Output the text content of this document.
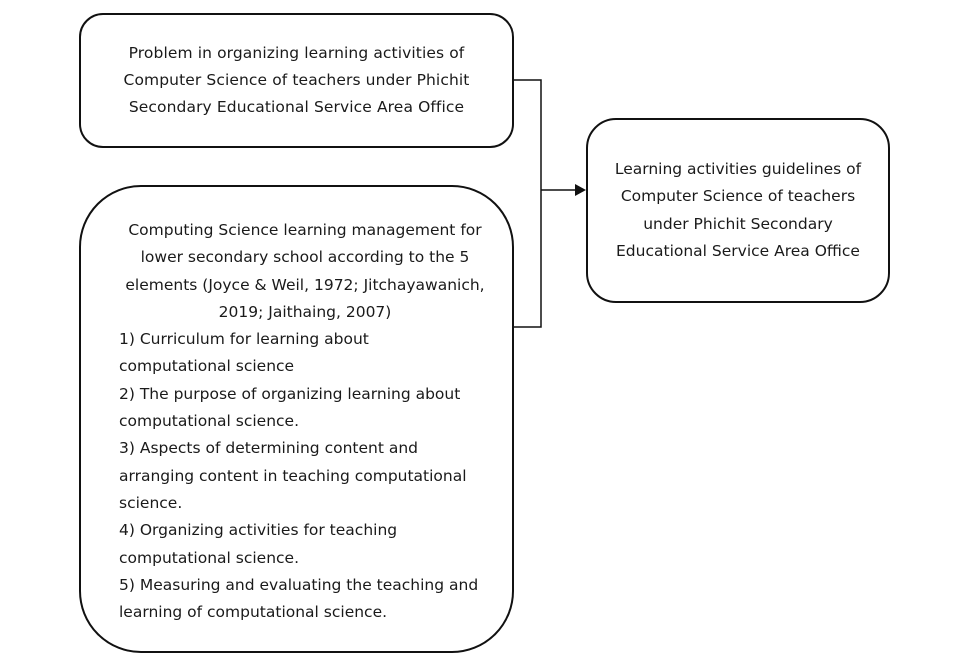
Problem in organizing learning activities of Computer Science of teachers under Phichit Secondary Educational Service Area Office
Computing Science learning management for lower secondary school according to the 5 elements (Joyce & Weil, 1972; Jitchayawanich, 2019; Jaithaing, 2007)
1) Curriculum for learning about computational science
2) The purpose of organizing learning about computational science.
3) Aspects of determining content and arranging content in teaching computational science.
4) Organizing activities for teaching computational science.
5) Measuring and evaluating the teaching and learning of computational science.
Learning activities guidelines of Computer Science of teachers under Phichit Secondary Educational Service Area Office
